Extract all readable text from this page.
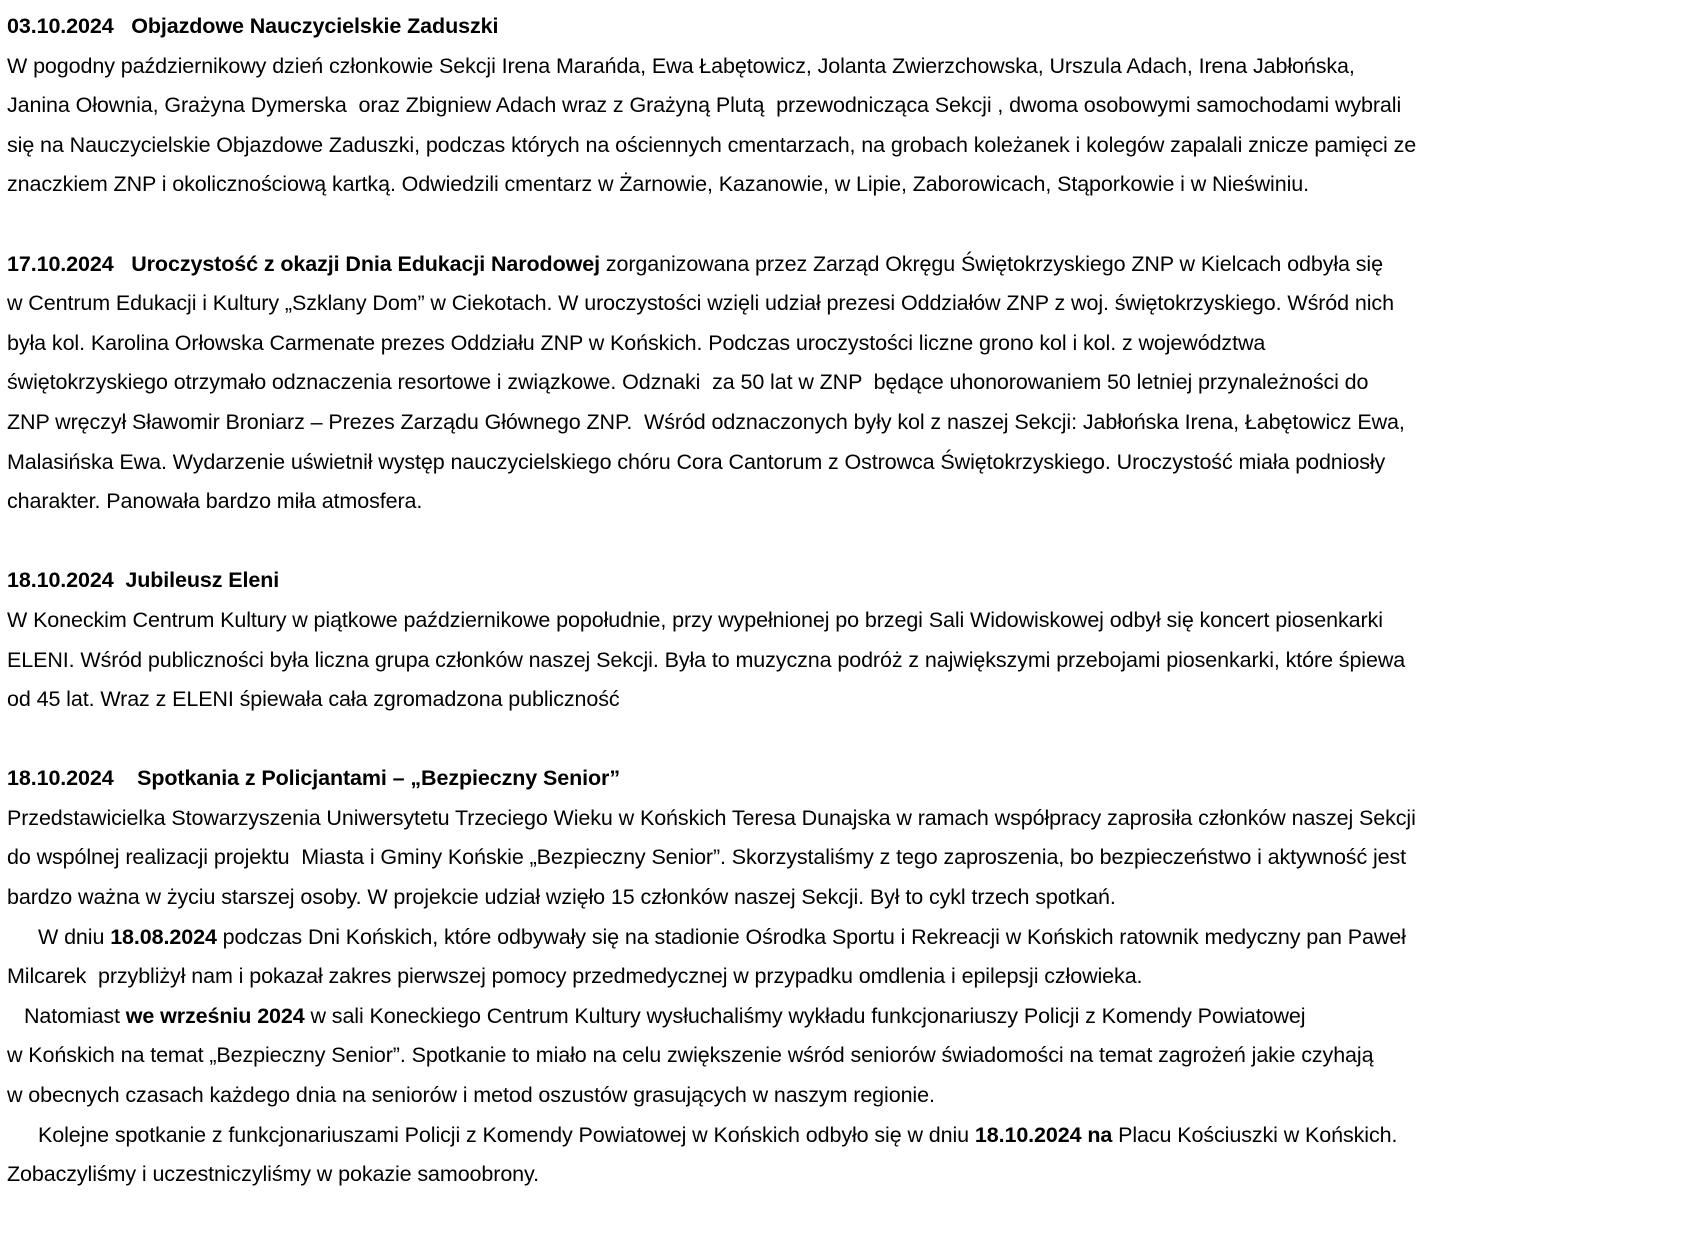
03.10.2024 Objazdowe Nauczycielskie Zaduszki
W pogodny październikowy dzień członkowie Sekcji Irena Marańda, Ewa Łabętowicz, Jolanta Zwierzchowska, Urszula Adach, Irena Jabłońska,
Janina Ołownia, Grażyna Dymerska  oraz Zbigniew Adach wraz z Grażyną Plutą  przewodnicząca Sekcji , dwoma osobowymi samochodami wybrali
się na Nauczycielskie Objazdowe Zaduszki, podczas których na ościennych cmentarzach, na grobach koleżanek i kolegów zapalali znicze pamięci ze
znaczkiem ZNP i okolicznościową kartką. Odwiedzili cmentarz w Żarnowie, Kazanowie, w Lipie, Zaborowicach, Stąporkowie i w Nieświniu.
17.10.2024 Uroczystość z okazji Dnia Edukacji Narodowej zorganizowana przez Zarząd Okręgu Świętokrzyskiego ZNP w Kielcach odbyła się
w Centrum Edukacji i Kultury „Szklany Dom” w Ciekotach. W uroczystości wzięli udział prezesi Oddziałów ZNP z woj. świętokrzyskiego. Wśród nich
była kol. Karolina Orłowska Carmenate prezes Oddziału ZNP w Końskich. Podczas uroczystości liczne grono kol i kol. z województwa
świętokrzyskiego otrzymało odznaczenia resortowe i związkowe. Odznaki  za 50 lat w ZNP  będące uhonorowaniem 50 letniej przynależności do
ZNP wręczył Sławomir Broniarz – Prezes Zarządu Głównego ZNP.  Wśród odznaczonych były kol z naszej Sekcji: Jabłońska Irena, Łabętowicz Ewa,
Malasińska Ewa. Wydarzenie uświetnił występ nauczycielskiego chóru Cora Cantorum z Ostrowca Świętokrzyskiego. Uroczystość miała podniosły
charakter. Panowała bardzo miła atmosfera.
18.10.2024 Jubileusz Eleni
W Koneckim Centrum Kultury w piątkowe październikowe popołudnie, przy wypełnionej po brzegi Sali Widowiskowej odbył się koncert piosenkarki
ELENI. Wśród publiczności była liczna grupa członków naszej Sekcji. Była to muzyczna podróż z największymi przebojami piosenkarki, które śpiewa
od 45 lat. Wraz z ELENI śpiewała cała zgromadzona publiczność
18.10.2024 Spotkania z Policjantami – „Bezpieczny Senior”
Przedstawicielka Stowarzyszenia Uniwersytetu Trzeciego Wieku w Końskich Teresa Dunajska w ramach współpracy zaprosiła członków naszej Sekcji
do wspólnej realizacji projektu  Miasta i Gminy Końskie „Bezpieczny Senior”. Skorzystaliśmy z tego zaproszenia, bo bezpieczeństwo i aktywność jest
bardzo ważna w życiu starszej osoby. W projekcie udział wzięło 15 członków naszej Sekcji. Był to cykl trzech spotkań.
W dniu 18.08.2024 podczas Dni Końskich, które odbywały się na stadionie Ośrodka Sportu i Rekreacji w Końskich ratownik medyczny pan Paweł
Milcarek  przybliżył nam i pokazał zakres pierwszej pomocy przedmedycznej w przypadku omdlenia i epilepsji człowieka.
Natomiast we wrześniu 2024 w sali Koneckiego Centrum Kultury wysłuchaliśmy wykładu funkcjonariuszy Policji z Komendy Powiatowej
w Końskich na temat „Bezpieczny Senior”. Spotkanie to miało na celu zwiększenie wśród seniorów świadomości na temat zagrożeń jakie czyhają
w obecnych czasach każdego dnia na seniorów i metod oszustów grasujących w naszym regionie.
Kolejne spotkanie z funkcjonariuszami Policji z Komendy Powiatowej w Końskich odbyło się w dniu 18.10.2024 na Placu Kościuszki w Końskich.
Zobaczyliśmy i uczestniczyliśmy w pokazie samoobrony.
